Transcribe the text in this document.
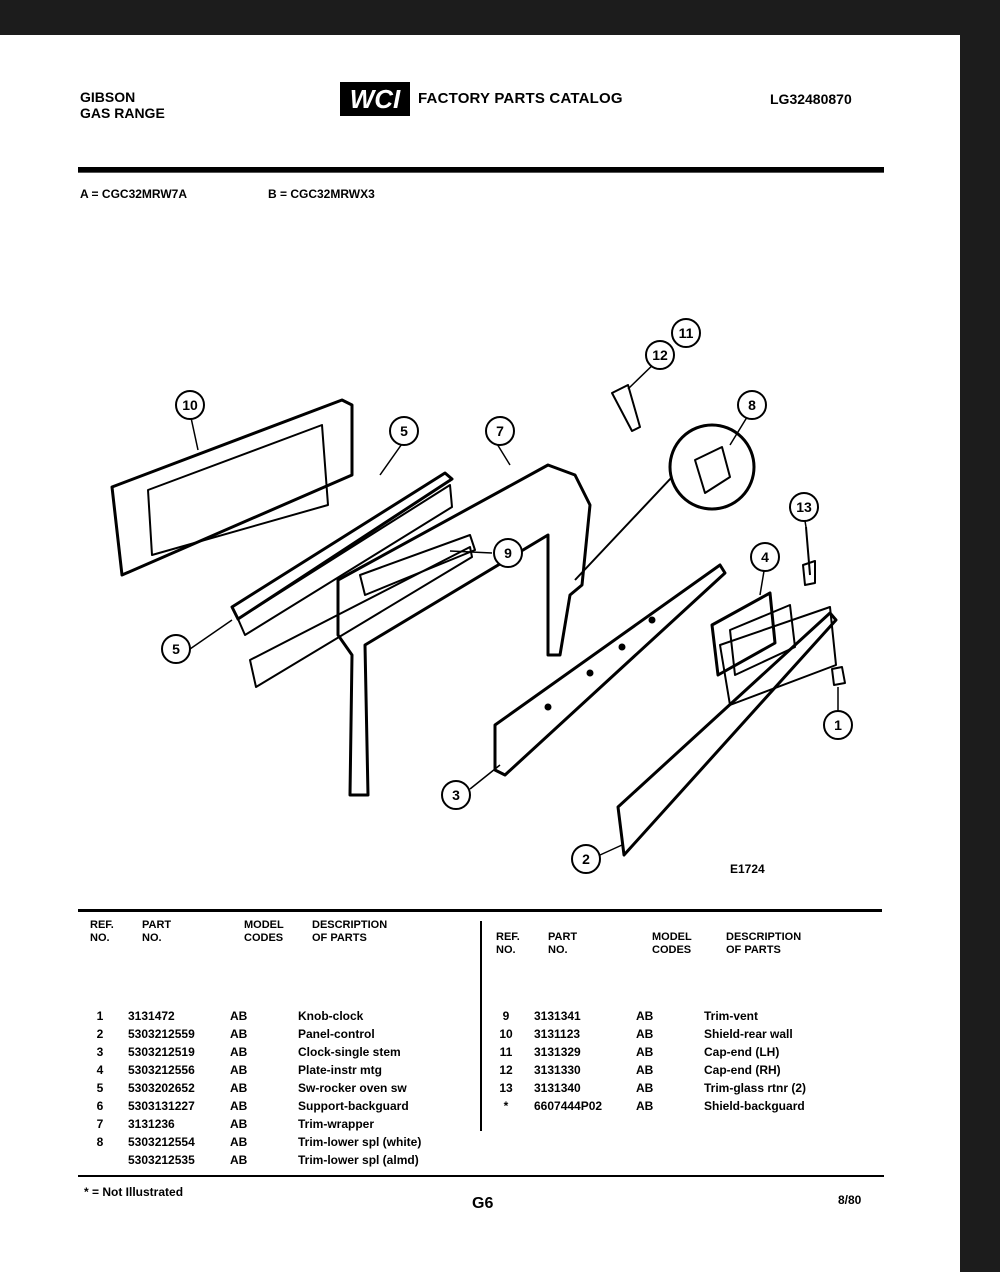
GIBSON
GAS RANGE	WCI FACTORY PARTS CATALOG	LG32480870
A = CGC32MRW7A	B = CGC32MRWX3
10
5	7
9
5
12
11
8
13
4
1
3
2
E1724
REF.
NO.
PART
NO.
MODEL
CODES
DESCRIPTION
OF PARTS
1	3131472	AB	Knob-clock
2	5303212559	AB	Panel-control
3	5303212519	AB	Clock-single stem
4	5303212556	AB	Plate-instr mtg
5	5303202652	AB	Sw-rocker oven sw
6	5303131227	AB	Support-backguard
7	3131236	AB	Trim-wrapper
8	5303212554	AB	Trim-lower spl (white)
5303212535	AB	Trim-lower spl (almd)
REF.
NO.
PART
NO.
MODEL
CODES
DESCRIPTION
OF PARTS
9	3131341	AB	Trim-vent
10 3131123	AB	Shield-rear wall
11	3131329	AB	Cap-end (LH)
12 3131330	AB	Cap-end (RH)
13 3131340	AB	Trim-glass rtnr (2)
*	6607444P02	AB	Shield-backguard
* = Not Illustrated
G6	8/80
